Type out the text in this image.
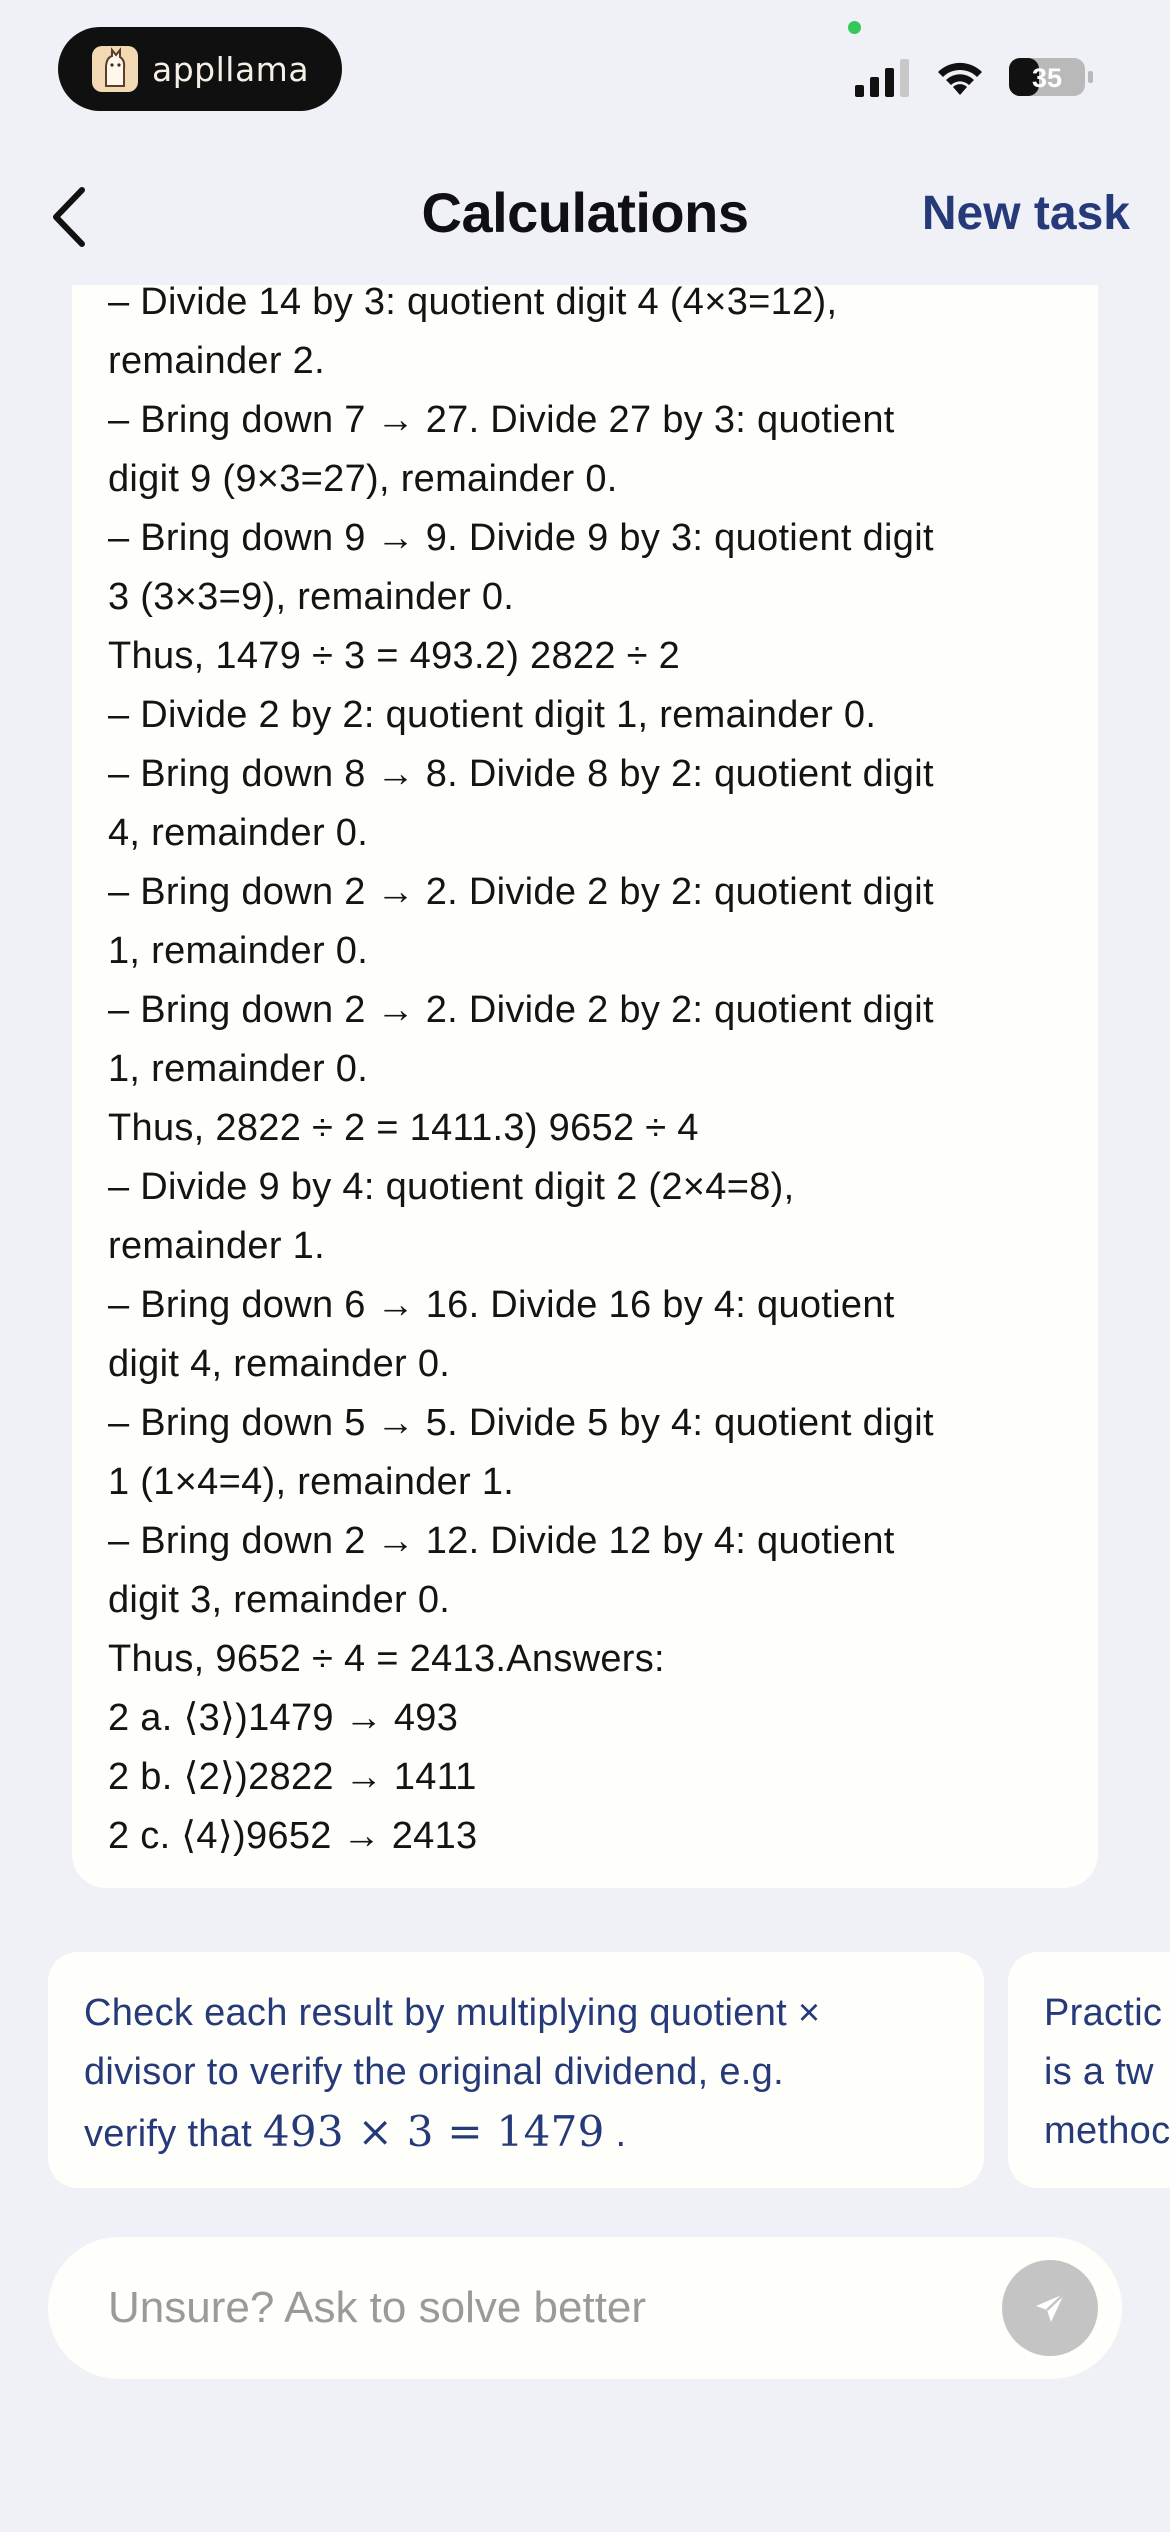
appllama	35
Calculations	New task
– Divide 14 by 3: quotient digit 4 (4×3=12),
remainder 2.
– Bring down 7 → 27. Divide 27 by 3: quotient
digit 9 (9×3=27), remainder 0.
– Bring down 9 → 9. Divide 9 by 3: quotient digit
3 (3×3=9), remainder 0.
Thus, 1479 ÷ 3 = 493.2) 2822 ÷ 2
– Divide 2 by 2: quotient digit 1, remainder 0.
– Bring down 8 → 8. Divide 8 by 2: quotient digit
4, remainder 0.
– Bring down 2 → 2. Divide 2 by 2: quotient digit
1, remainder 0.
– Bring down 2 → 2. Divide 2 by 2: quotient digit
1, remainder 0.
Thus, 2822 ÷ 2 = 1411.3) 9652 ÷ 4
– Divide 9 by 4: quotient digit 2 (2×4=8),
remainder 1.
– Bring down 6 → 16. Divide 16 by 4: quotient
digit 4, remainder 0.
– Bring down 5 → 5. Divide 5 by 4: quotient digit
1 (1×4=4), remainder 1.
– Bring down 2 → 12. Divide 12 by 4: quotient
digit 3, remainder 0.
Thus, 9652 ÷ 4 = 2413.Answers:
2 a. ⟨3⟩)1479 → 493
2 b. ⟨2⟩)2822 → 1411
2 c. ⟨4⟩)9652 → 2413
Check each result by multiplying quotient ×
divisor to verify the original dividend, e.g.
verify that 493 × 3 = 1479 .
Practic
is a tw
methoc
Unsure? Ask to solve better
